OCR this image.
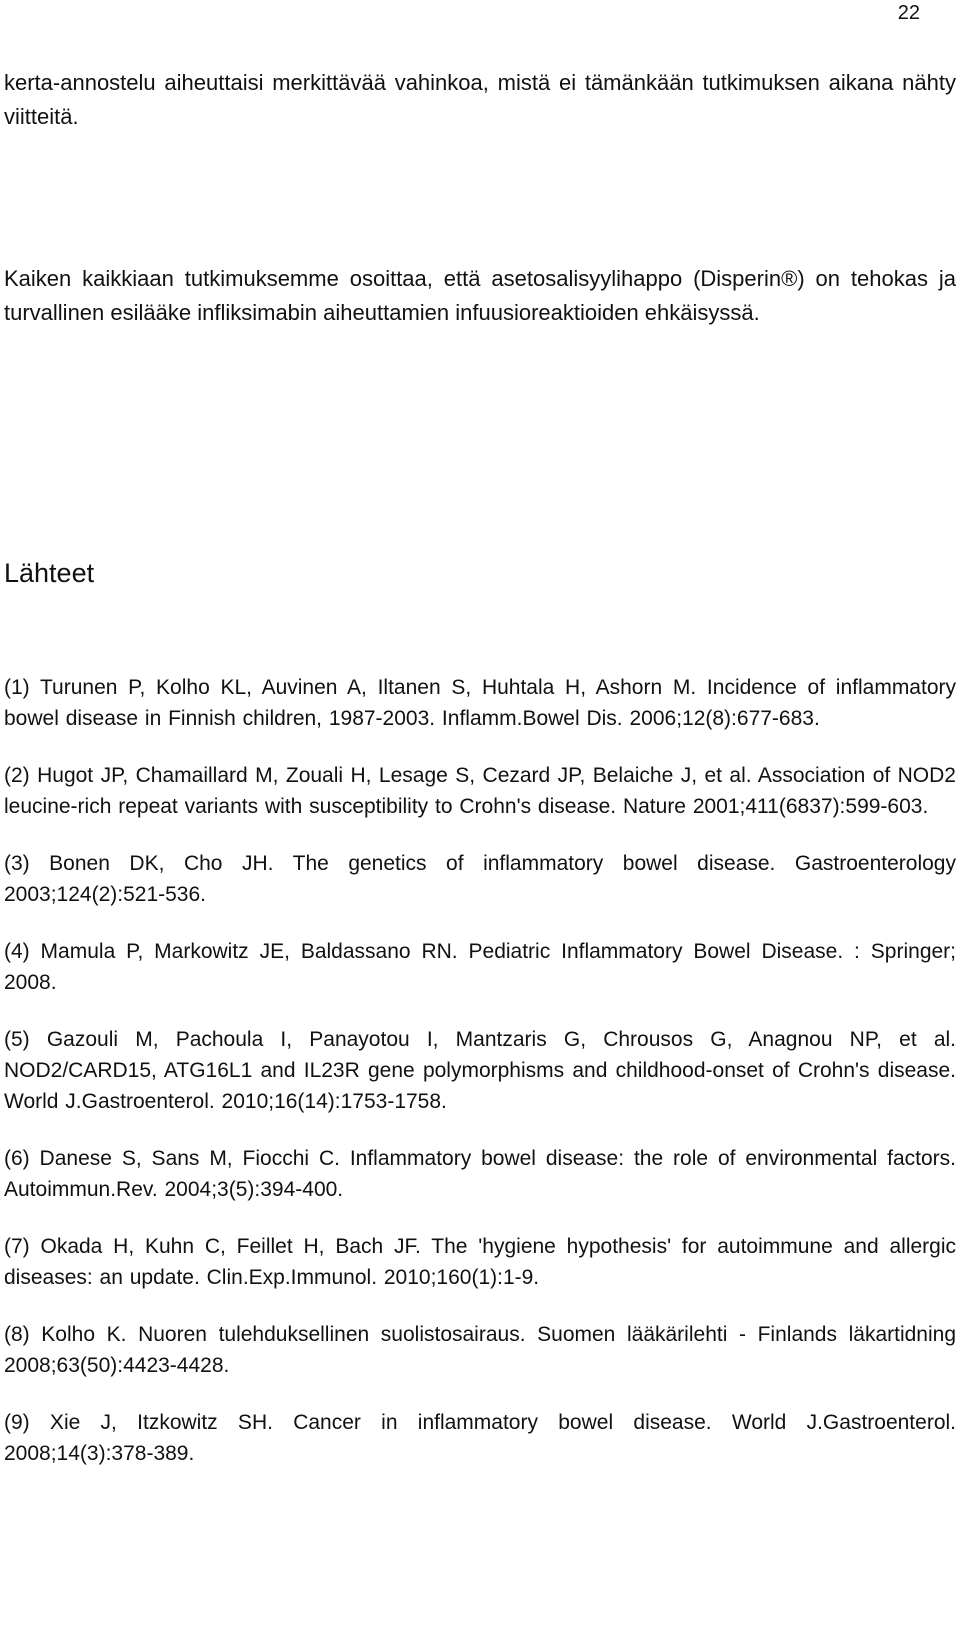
22

kerta-annostelu aiheuttaisi merkittävää vahinkoa, mistä ei tämänkään tutkimuksen aikana nähty viitteitä.

Kaiken kaikkiaan tutkimuksemme osoittaa, että asetosalisyylihappo (Disperin®) on tehokas ja turvallinen esilääke infliksimabin aiheuttamien infuusioreaktioiden ehkäisyssä.

Lähteet
(1) Turunen P, Kolho KL, Auvinen A, Iltanen S, Huhtala H, Ashorn M. Incidence of inflammatory bowel disease in Finnish children, 1987-2003. Inflamm.Bowel Dis. 2006;12(8):677-683.
(2) Hugot JP, Chamaillard M, Zouali H, Lesage S, Cezard JP, Belaiche J, et al. Association of NOD2 leucine-rich repeat variants with susceptibility to Crohn's disease. Nature 2001;411(6837):599-603.
(3) Bonen DK, Cho JH. The genetics of inflammatory bowel disease. Gastroenterology 2003;124(2):521-536.
(4) Mamula P, Markowitz JE, Baldassano RN. Pediatric Inflammatory Bowel Disease. : Springer; 2008.
(5) Gazouli M, Pachoula I, Panayotou I, Mantzaris G, Chrousos G, Anagnou NP, et al. NOD2/CARD15, ATG16L1 and IL23R gene polymorphisms and childhood-onset of Crohn's disease. World J.Gastroenterol. 2010;16(14):1753-1758.
(6) Danese S, Sans M, Fiocchi C. Inflammatory bowel disease: the role of environmental factors. Autoimmun.Rev. 2004;3(5):394-400.
(7) Okada H, Kuhn C, Feillet H, Bach JF. The 'hygiene hypothesis' for autoimmune and allergic diseases: an update. Clin.Exp.Immunol. 2010;160(1):1-9.
(8) Kolho K. Nuoren tulehduksellinen suolistosairaus. Suomen lääkärilehti - Finlands läkartidning 2008;63(50):4423-4428.
(9) Xie J, Itzkowitz SH. Cancer in inflammatory bowel disease. World J.Gastroenterol. 2008;14(3):378-389.
